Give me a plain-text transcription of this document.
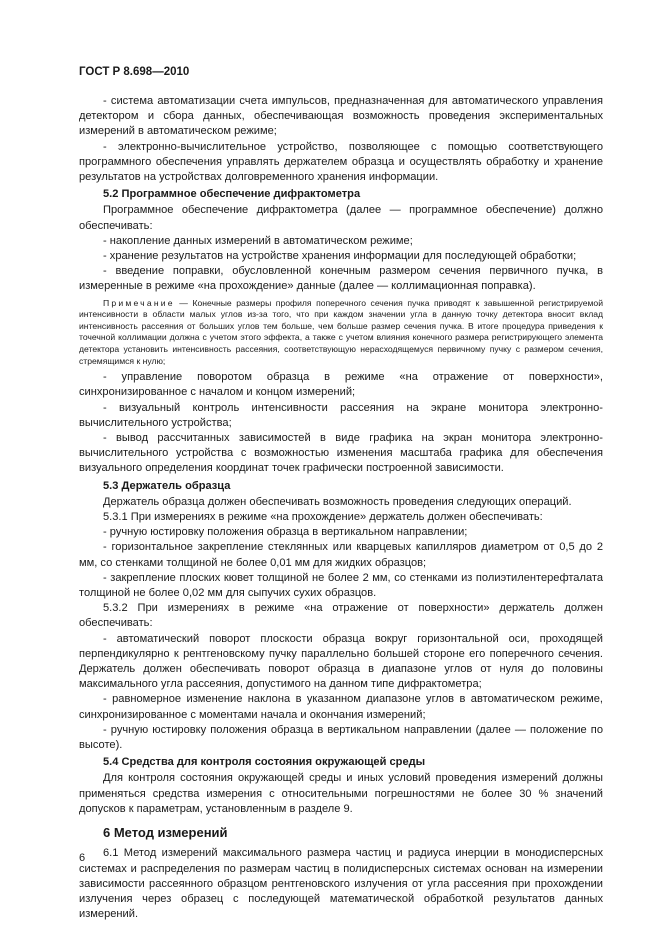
ГОСТ Р 8.698—2010

- система автоматизации счета импульсов, предназначенная для автоматического управления детектором и сбора данных, обеспечивающая возможность проведения экспериментальных измерений в автоматическом режиме;

- электронно-вычислительное устройство, позволяющее с помощью соответствующего программного обеспечения управлять держателем образца и осуществлять обработку и хранение результатов на устройствах долговременного хранения информации.

5.2 Программное обеспечение дифрактометра

Программное обеспечение дифрактометра (далее — программное обеспечение) должно обеспечивать:

- накопление данных измерений в автоматическом режиме;

- хранение результатов на устройстве хранения информации для последующей обработки;

- введение поправки, обусловленной конечным размером сечения первичного пучка, в измеренные в режиме «на прохождение» данные (далее — коллимационная поправка).

Примечание — Конечные размеры профиля поперечного сечения пучка приводят к завышенной регистрируемой интенсивности в области малых углов из-за того, что при каждом значении угла в данную точку детектора вносит вклад интенсивность рассеяния от больших углов тем больше, чем больше размер сечения пучка. В итоге процедура приведения к точечной коллимации должна с учетом этого эффекта, а также с учетом влияния конечного размера регистрирующего элемента детектора установить интенсивность рассеяния, соответствующую нерасходящемуся первичному пучку с размером сечения, стремящимся к нулю;

- управление поворотом образца в режиме «на отражение от поверхности», синхронизированное с началом и концом измерений;

- визуальный контроль интенсивности рассеяния на экране монитора электронно-вычислительного устройства;

- вывод рассчитанных зависимостей в виде графика на экран монитора электронно-вычислительного устройства с возможностью изменения масштаба графика для обеспечения визуального определения координат точек графически построенной зависимости.

5.3 Держатель образца

Держатель образца должен обеспечивать возможность проведения следующих операций.

5.3.1 При измерениях в режиме «на прохождение» держатель должен обеспечивать:

- ручную юстировку положения образца в вертикальном направлении;

- горизонтальное закрепление стеклянных или кварцевых капилляров диаметром от 0,5 до 2 мм, со стенками толщиной не более 0,01 мм для жидких образцов;

- закрепление плоских кювет толщиной не более 2 мм, со стенками из полиэтилентерефталата толщиной не более 0,02 мм для сыпучих сухих образцов.

5.3.2 При измерениях в режиме «на отражение от поверхности» держатель должен обеспечивать:

- автоматический поворот плоскости образца вокруг горизонтальной оси, проходящей перпендикулярно к рентгеновскому пучку параллельно большей стороне его поперечного сечения. Держатель должен обеспечивать поворот образца в диапазоне углов от нуля до половины максимального угла рассеяния, допустимого на данном типе дифрактометра;

- равномерное изменение наклона в указанном диапазоне углов в автоматическом режиме, синхронизированное с моментами начала и окончания измерений;

- ручную юстировку положения образца в вертикальном направлении (далее — положение по высоте).

5.4 Средства для контроля состояния окружающей среды

Для контроля состояния окружающей среды и иных условий проведения измерений должны применяться средства измерения с относительными погрешностями не более 30 % значений допусков к параметрам, установленным в разделе 9.

6 Метод измерений

6.1 Метод измерений максимального размера частиц и радиуса инерции в монодисперсных системах и распределения по размерам частиц в полидисперсных системах основан на измерении зависимости рассеянного образцом рентгеновского излучения от угла рассеяния при прохождении излучения через образец с последующей математической обработкой результатов данных измерений.

6
